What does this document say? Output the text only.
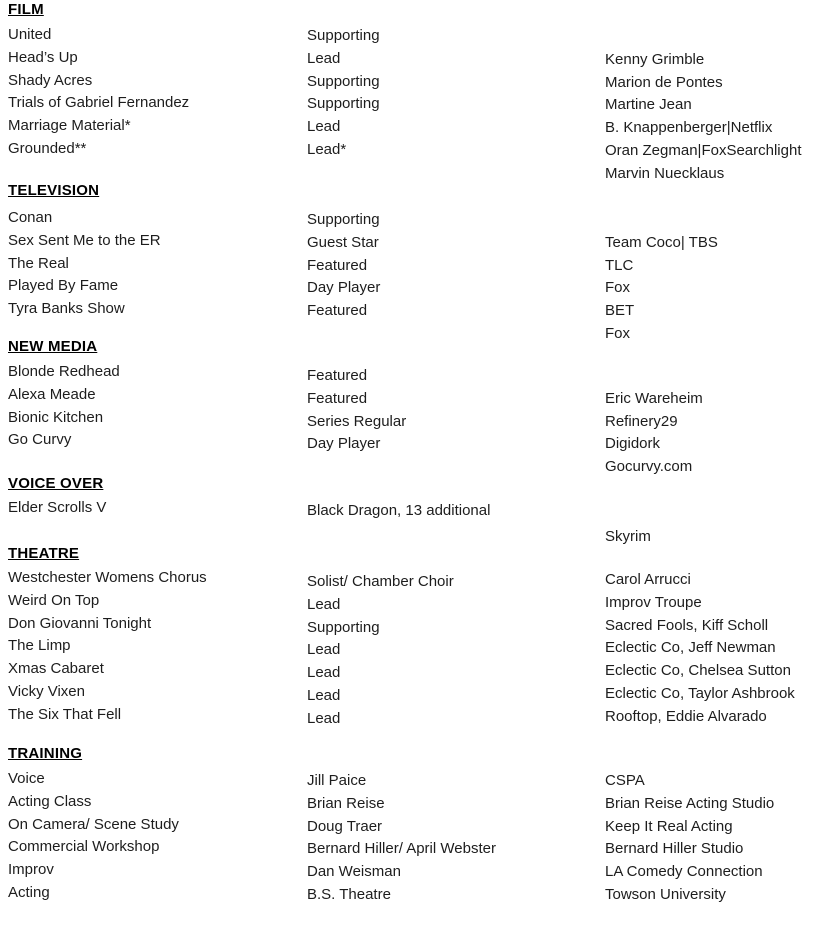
FILM
United
Head’s Up
Shady Acres
Trials of Gabriel Fernandez
Marriage Material*
Grounded**
Supporting
Lead
Supporting
Supporting
Lead
Lead*
Kenny Grimble
Marion de Pontes
Martine Jean
B. Knappenberger|Netflix
Oran Zegman|FoxSearchlight
Marvin Nuecklaus
TELEVISION
Conan
Sex Sent Me to the ER
The Real
Played By Fame
Tyra Banks Show
Supporting
Guest Star
Featured
Day Player
Featured
Team Coco| TBS
TLC
Fox
BET
Fox
NEW MEDIA
Blonde Redhead
Alexa Meade
Bionic Kitchen
Go Curvy
Featured
Featured
Series Regular
Day Player
Eric Wareheim
Refinery29
Digidork
Gocurvy.com
VOICE OVER
Elder Scrolls V	Black Dragon, 13 additional
Skyrim
THEATRE
Westchester Womens Chorus
Weird On Top
Don Giovanni Tonight
The Limp
Xmas Cabaret
Vicky Vixen
The Six That Fell
Solist/ Chamber Choir
Lead
Supporting
Lead
Lead
Lead
Lead
Carol Arrucci
Improv Troupe
Sacred Fools, Kiff Scholl
Eclectic Co, Jeff Newman
Eclectic Co, Chelsea Sutton
Eclectic Co, Taylor Ashbrook
Rooftop, Eddie Alvarado
TRAINING
Voice
Acting Class
On Camera/ Scene Study
Commercial Workshop
Improv
Acting
Jill Paice
Brian Reise
Doug Traer
Bernard Hiller/ April Webster
Dan Weisman
B.S. Theatre
CSPA
Brian Reise Acting Studio
Keep It Real Acting
Bernard Hiller Studio
LA Comedy Connection
Towson University
